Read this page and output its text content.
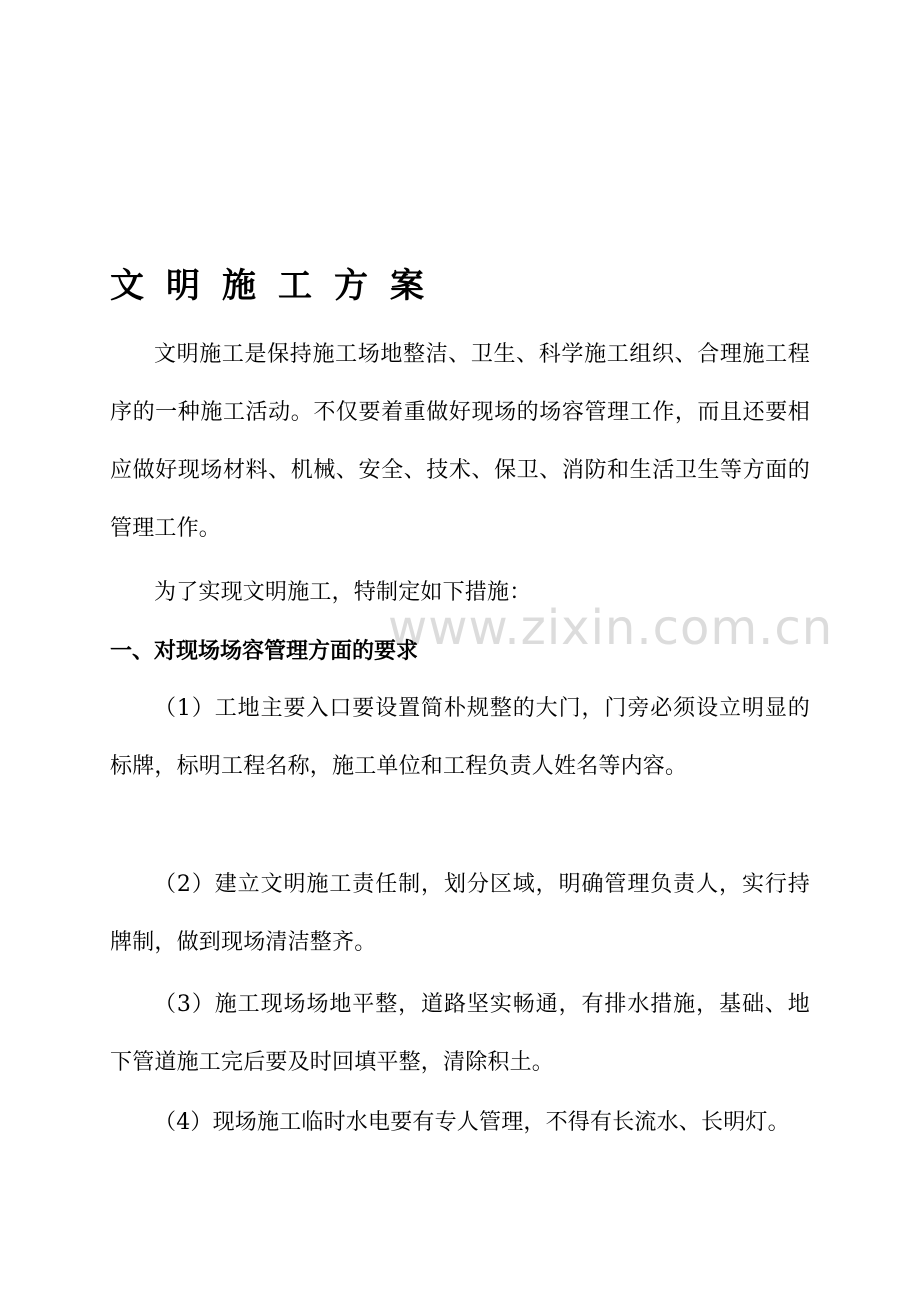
文明施工方案

文明施工是保持施工场地整洁、卫生、科学施工组织、合理施工程序的一种施工活动。不仅要着重做好现场的场容管理工作，而且还要相应做好现场材料、机械、安全、技术、保卫、消防和生活卫生等方面的管理工作。

为了实现文明施工，特制定如下措施：

www.zixin.com.cn
一、对现场场容管理方面的要求

（1）工地主要入口要设置简朴规整的大门，门旁必须设立明显的标牌，标明工程名称，施工单位和工程负责人姓名等内容。

（2）建立文明施工责任制，划分区域，明确管理负责人，实行持牌制，做到现场清洁整齐。

（3）施工现场场地平整，道路坚实畅通，有排水措施，基础、地下管道施工完后要及时回填平整，清除积土。

（4）现场施工临时水电要有专人管理，不得有长流水、长明灯。
